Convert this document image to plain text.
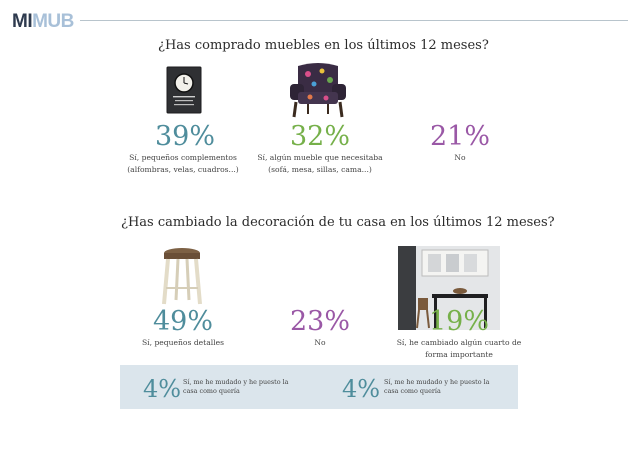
MIMUB
¿Has comprado muebles en los últimos 12 meses?
39%
Sí, pequeños complementos (alfombras, velas, cuadros...)
32%
Sí, algún mueble que necesitaba (sofá, mesa, sillas, cama...)
21%
No
¿Has cambiado la decoración de tu casa en los últimos 12 meses?
49%
Sí, pequeños detalles
23%
No
19%
Sí, he cambiado algún cuarto de forma importante
4% Sí, me he mudado y he puesto la casa como quería	4% Sí, me he mudado y he puesto la casa como quería
